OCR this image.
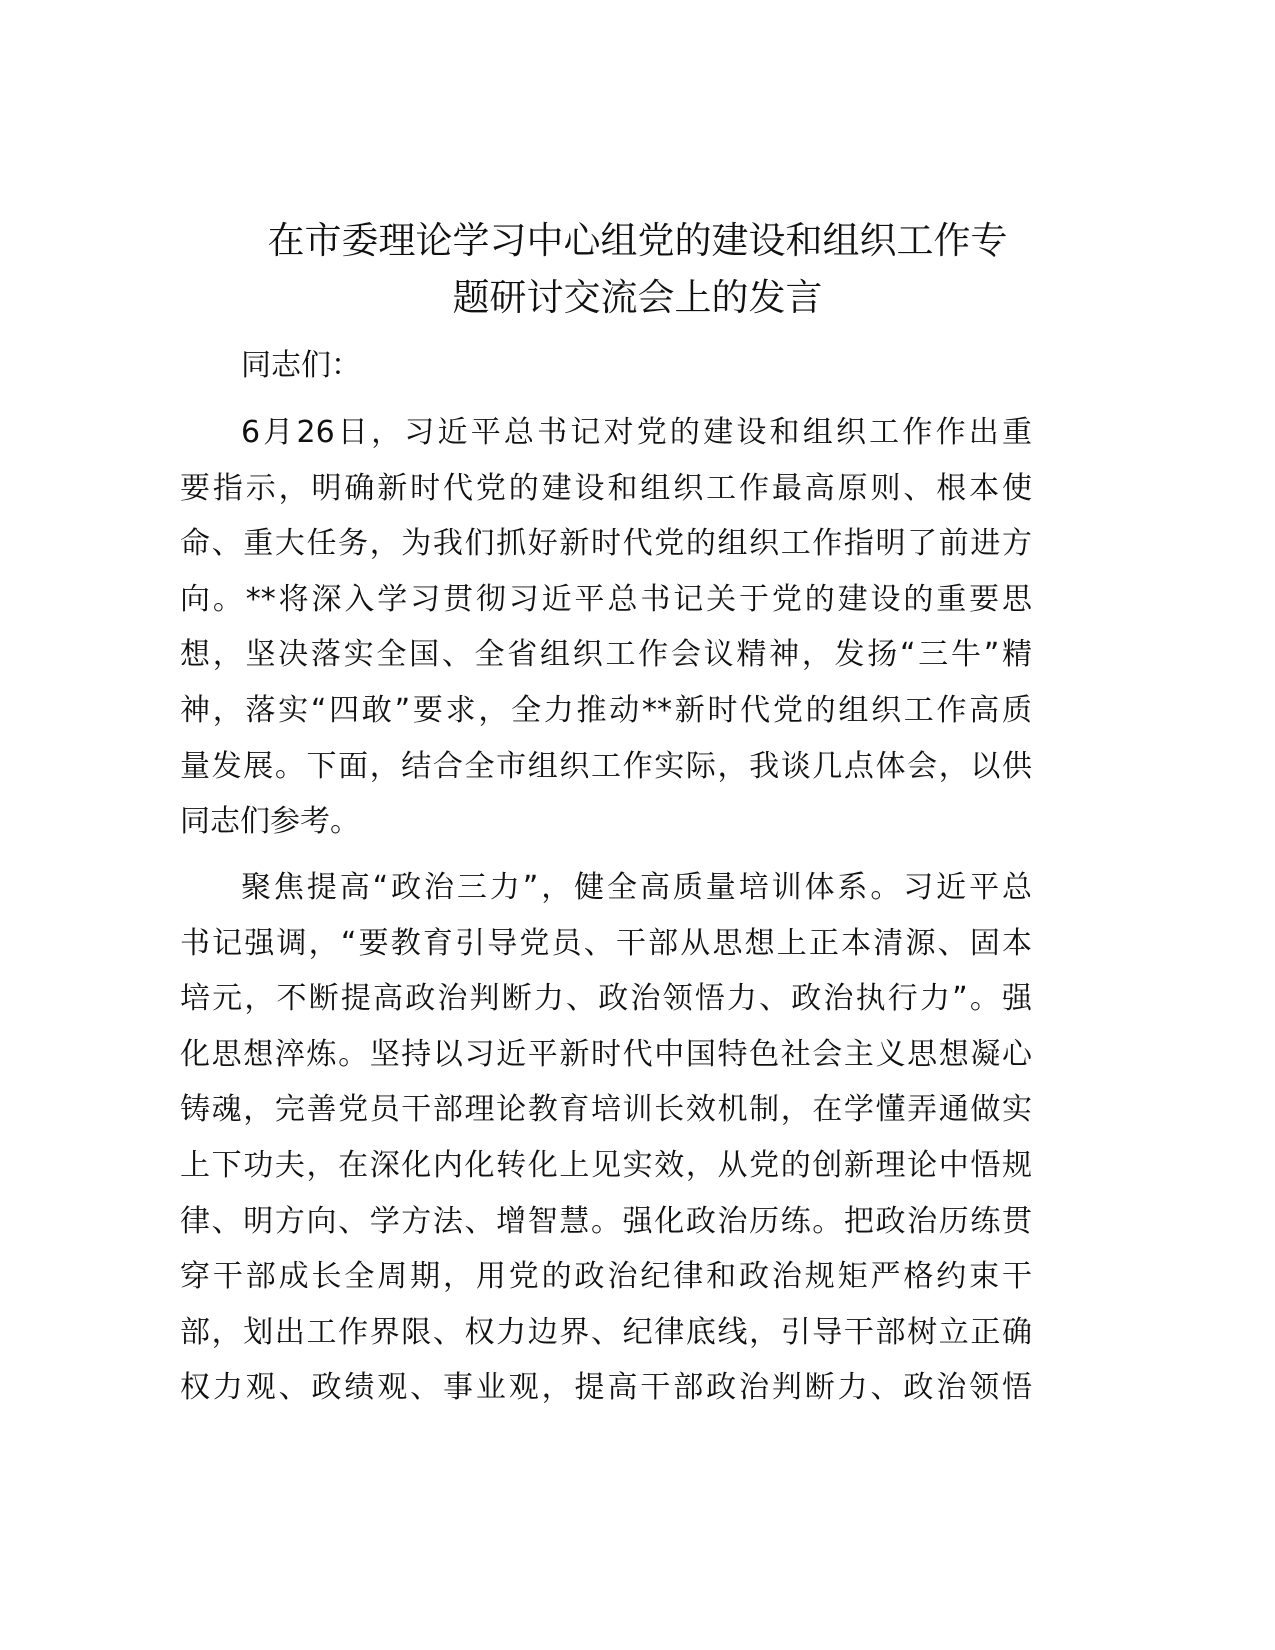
在市委理论学习中心组党的建设和组织工作专
题研讨交流会上的发言
同志们：
6月26日，习近平总书记对党的建设和组织工作作出重
要指示，明确新时代党的建设和组织工作最高原则、根本使
命、重大任务，为我们抓好新时代党的组织工作指明了前进方
向。**将深入学习贯彻习近平总书记关于党的建设的重要思
想，坚决落实全国、全省组织工作会议精神，发扬“三牛”精
神，落实“四敢”要求，全力推动**新时代党的组织工作高质
量发展。下面，结合全市组织工作实际，我谈几点体会，以供
同志们参考。
聚焦提高“政治三力”，健全高质量培训体系。习近平总
书记强调，“要教育引导党员、干部从思想上正本清源、固本
培元，不断提高政治判断力、政治领悟力、政治执行力”。强
化思想淬炼。坚持以习近平新时代中国特色社会主义思想凝心
铸魂，完善党员干部理论教育培训长效机制，在学懂弄通做实
上下功夫，在深化内化转化上见实效，从党的创新理论中悟规
律、明方向、学方法、增智慧。强化政治历练。把政治历练贯
穿干部成长全周期，用党的政治纪律和政治规矩严格约束干
部，划出工作界限、权力边界、纪律底线，引导干部树立正确
权力观、政绩观、事业观，提高干部政治判断力、政治领悟
